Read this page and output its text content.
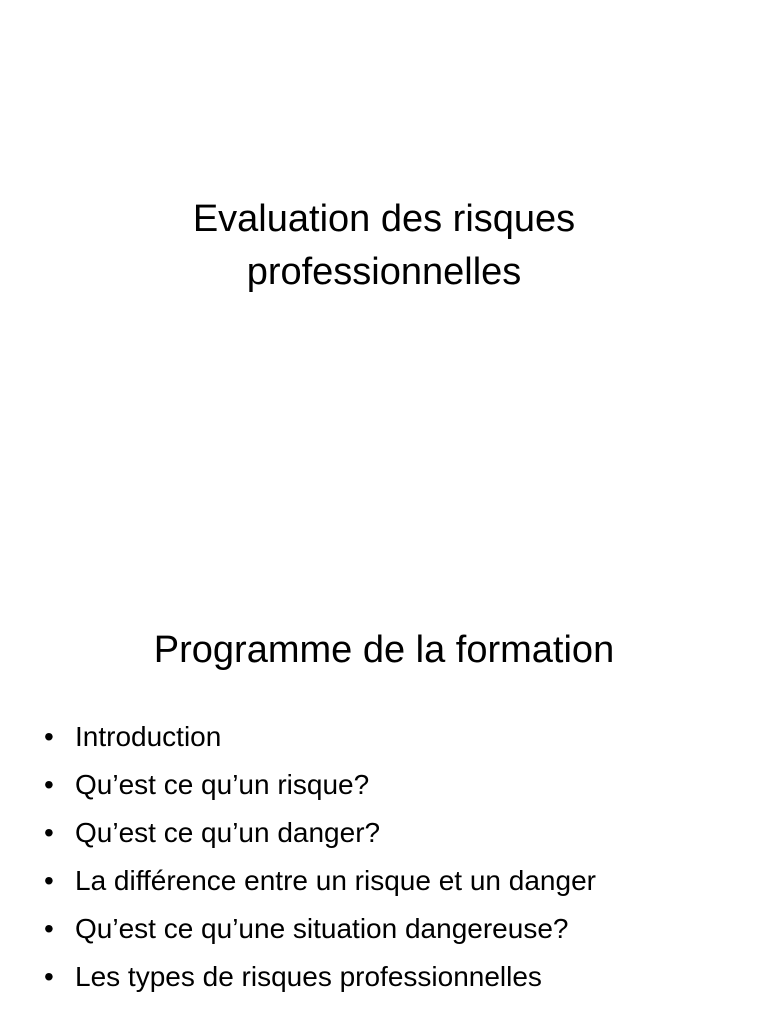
Evaluation des risques professionnelles
Programme de la formation
• Introduction
• Qu’est ce qu’un risque?
• Qu’est ce qu’un danger?
• La différence entre un risque et un danger
• Qu’est ce qu’une situation dangereuse?
• Les types de risques professionnelles
